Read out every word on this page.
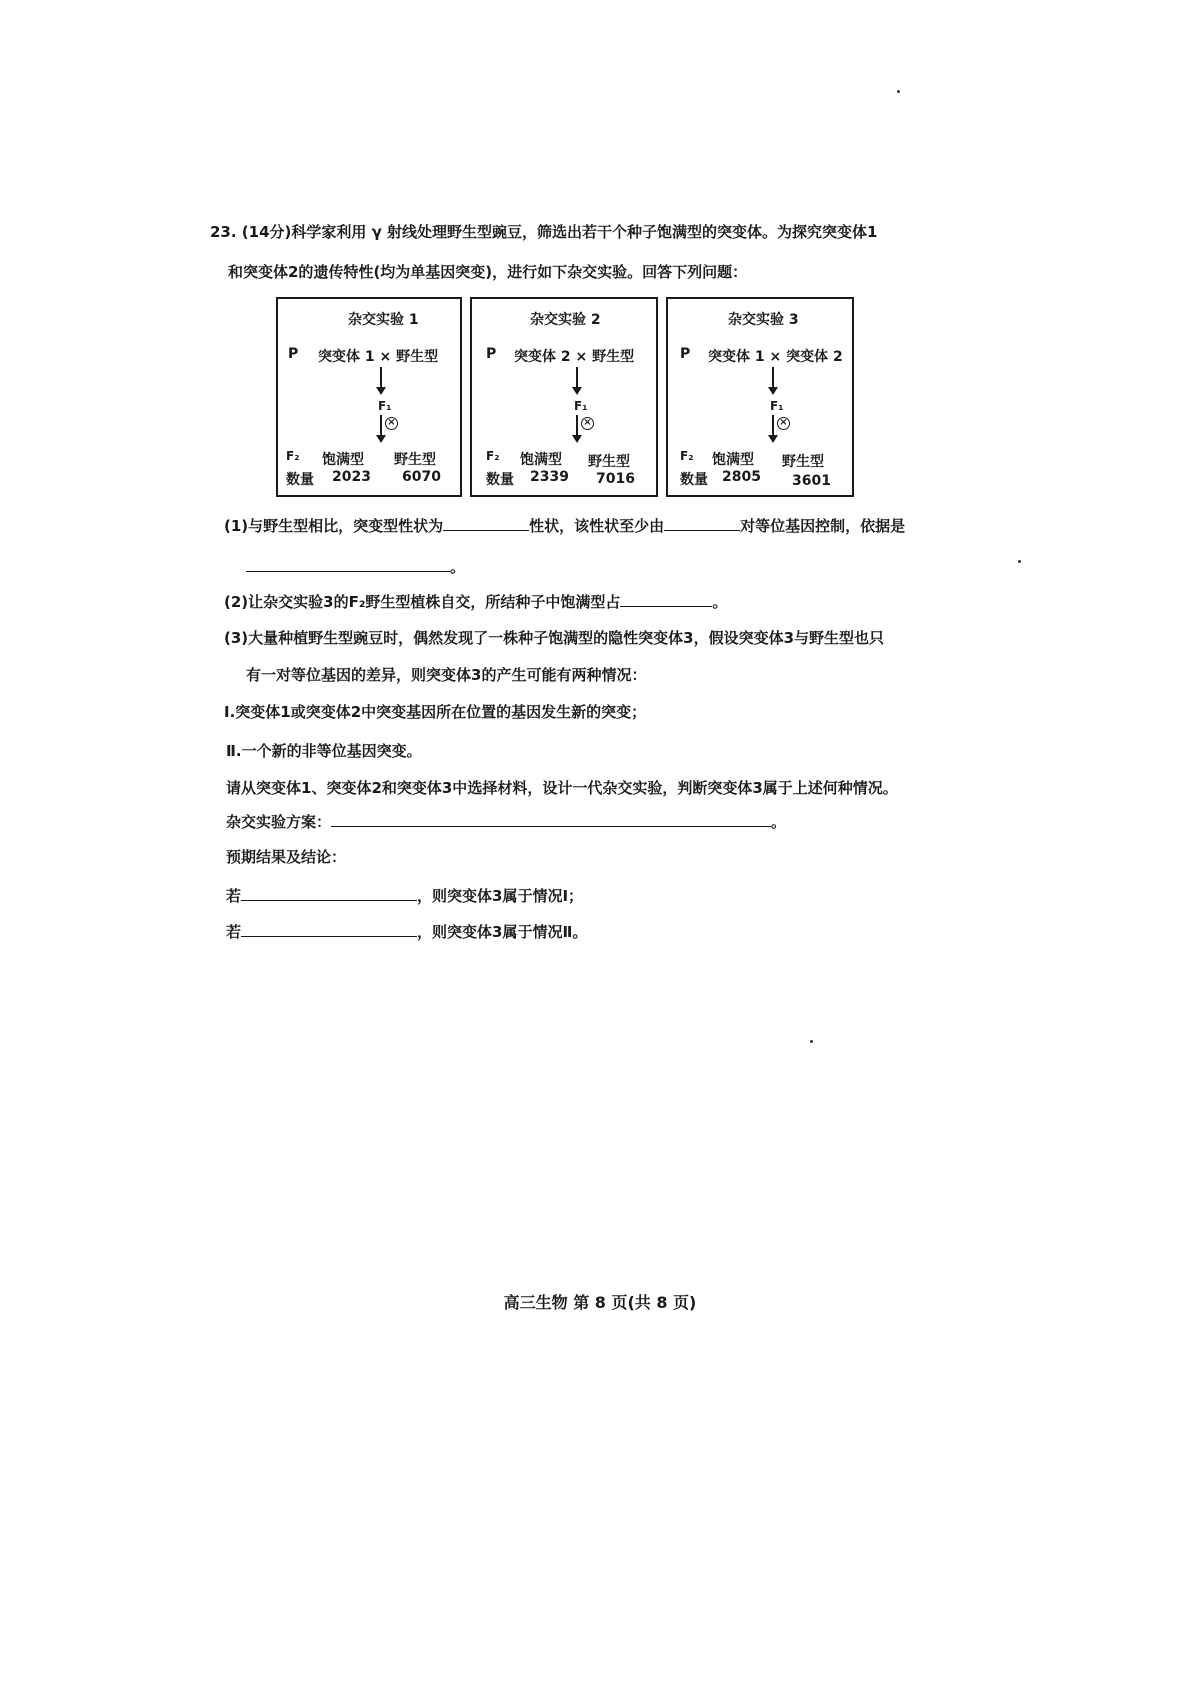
23. (14分)科学家利用 γ 射线处理野生型豌豆，筛选出若干个种子饱满型的突变体。为探究突变体1
和突变体2的遗传特性(均为单基因突变)，进行如下杂交实验。回答下列问题：
杂交实验 1
P 突变体 1 × 野生型
F₁
×
F₂ 饱满型 野生型
数量 2023 6070
杂交实验 2
P 突变体 2 × 野生型
F₁
×
F₂ 饱满型 野生型
数量 2339 7016
杂交实验 3
P 突变体 1 × 突变体 2
F₁
×
F₂ 饱满型 野生型
数量 2805 3601
(1)与野生型相比，突变型性状为	性状，该性状至少由	对等位基因控制，依据是
。
(2)让杂交实验3的F₂野生型植株自交，所结种子中饱满型占	。
(3)大量种植野生型豌豆时，偶然发现了一株种子饱满型的隐性突变体3，假设突变体3与野生型也只
有一对等位基因的差异，则突变体3的产生可能有两种情况：
Ⅰ.突变体1或突变体2中突变基因所在位置的基因发生新的突变；
Ⅱ.一个新的非等位基因突变。
请从突变体1、突变体2和突变体3中选择材料，设计一代杂交实验，判断突变体3属于上述何种情况。
杂交实验方案：	。
预期结果及结论：
若	，则突变体3属于情况Ⅰ；
若	，则突变体3属于情况Ⅱ。
高三生物 第 8 页(共 8 页)
